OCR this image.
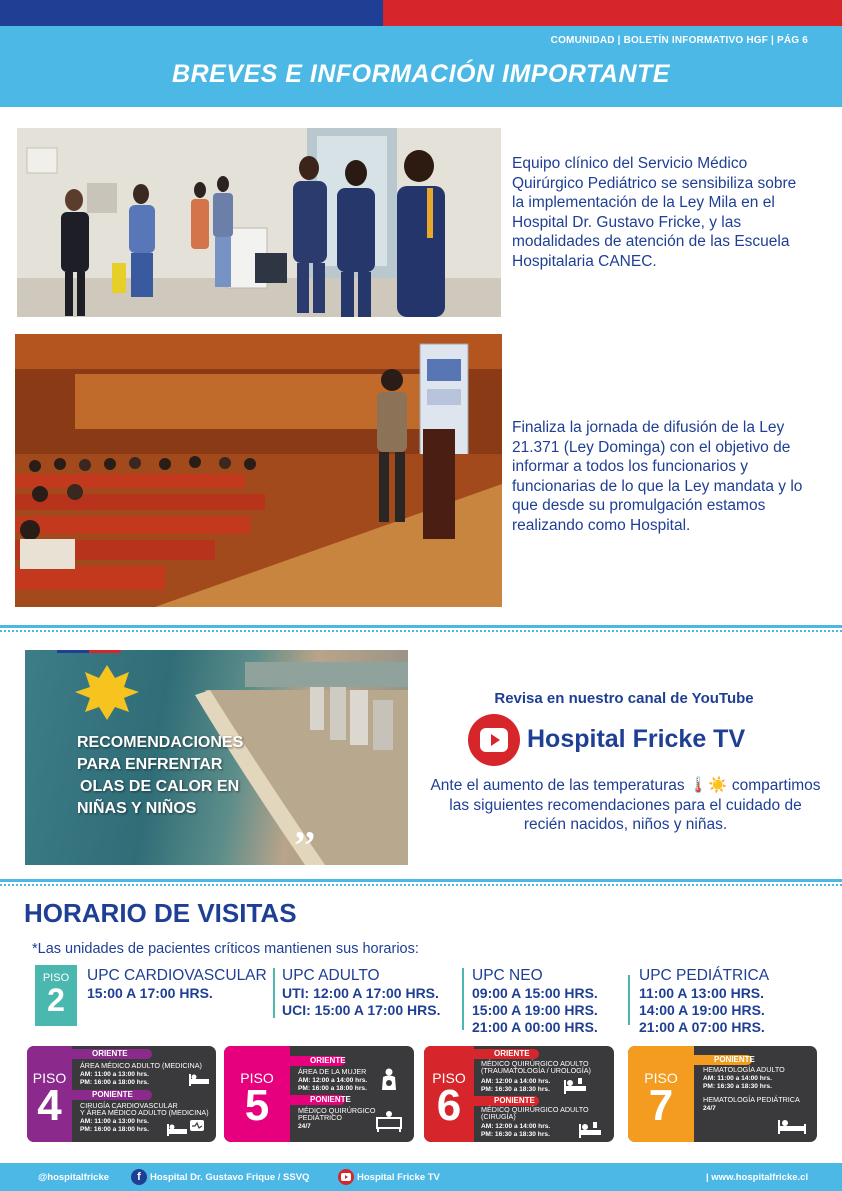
COMUNIDAD | BOLETÍN INFORMATIVO HGF | PÁG 6
BREVES E INFORMACIÓN IMPORTANTE
Equipo clínico del Servicio Médico Quirúrgico Pediátrico se sensibiliza sobre la implementación de la Ley Mila en el Hospital Dr. Gustavo Fricke, y las modalidades de atención de las Escuela Hospitalaria CANEC.
Finaliza la jornada de difusión de la Ley 21.371 (Ley Dominga) con el objetivo de informar a todos los funcionarios y funcionarias de lo que la Ley mandata y lo que desde su promulgación estamos realizando como Hospital.
,,
RECOMENDACIONES
PARA ENFRENTAR
OLAS DE CALOR EN
NIÑAS Y NIÑOS
Revisa en nuestro canal de YouTube
Hospital Fricke TV
Ante el aumento de las temperaturas 🌡️☀️ compartimos las siguientes recomendaciones para el cuidado de recién nacidos, niños y niñas.
HORARIO DE VISITAS
*Las unidades de pacientes críticos mantienen sus horarios:
PISO
2
UPC CARDIOVASCULAR
15:00 A 17:00 HRS.
UPC ADULTO
UTI: 12:00 A 17:00 HRS.
UCI: 15:00 A 17:00 HRS.
UPC NEO
09:00 A 15:00 HRS.
15:00 A 19:00 HRS.
21:00 A 00:00 HRS.
UPC PEDIÁTRICA
11:00 A 13:00 HRS.
14:00 A 19:00 HRS.
21:00 A 07:00 HRS.
PISO
4
ORIENTE
ÁREA MÉDICO ADULTO (MEDICINA)
AM: 11:00 a 13:00 hrs.
PM: 16:00 a 18:00 hrs.
PONIENTE
CIRUGÍA CARDIOVASCULAR
Y ÁREA MÉDICO ADULTO (MEDICINA)
AM: 11:00 a 13:00 hrs.
PM: 16:00 a 18:00 hrs.
PISO
5
ORIENTE
ÁREA DE LA MUJER
AM: 12:00 a 14:00 hrs.
PM: 16:00 a 18:00 hrs.
PONIENTE
MÉDICO QUIRÚRGICO
PEDIÁTRICO
24/7
PISO
6
ORIENTE
MÉDICO QUIRÚRGICO ADULTO
(TRAUMATOLOGÍA / UROLOGÍA)
AM: 12:00 a 14:00 hrs.
PM: 16:30 a 18:30 hrs.
PONIENTE
MÉDICO QUIRÚRGICO ADULTO
(CIRUGÍA)
AM: 12:00 a 14:00 hrs.
PM: 16:30 a 18:30 hrs.
PISO
7
PONIENTE
HEMATOLOGÍA ADULTO
AM: 11:00 a 14:00 hrs.
PM: 16:30 a 18:30 hrs.
HEMATOLOGÍA PEDIÁTRICA
24/7
@hospitalfricke	f Hospital Dr. Gustavo Frique / SSVQ	Hospital Fricke TV	| www.hospitalfricke.cl
